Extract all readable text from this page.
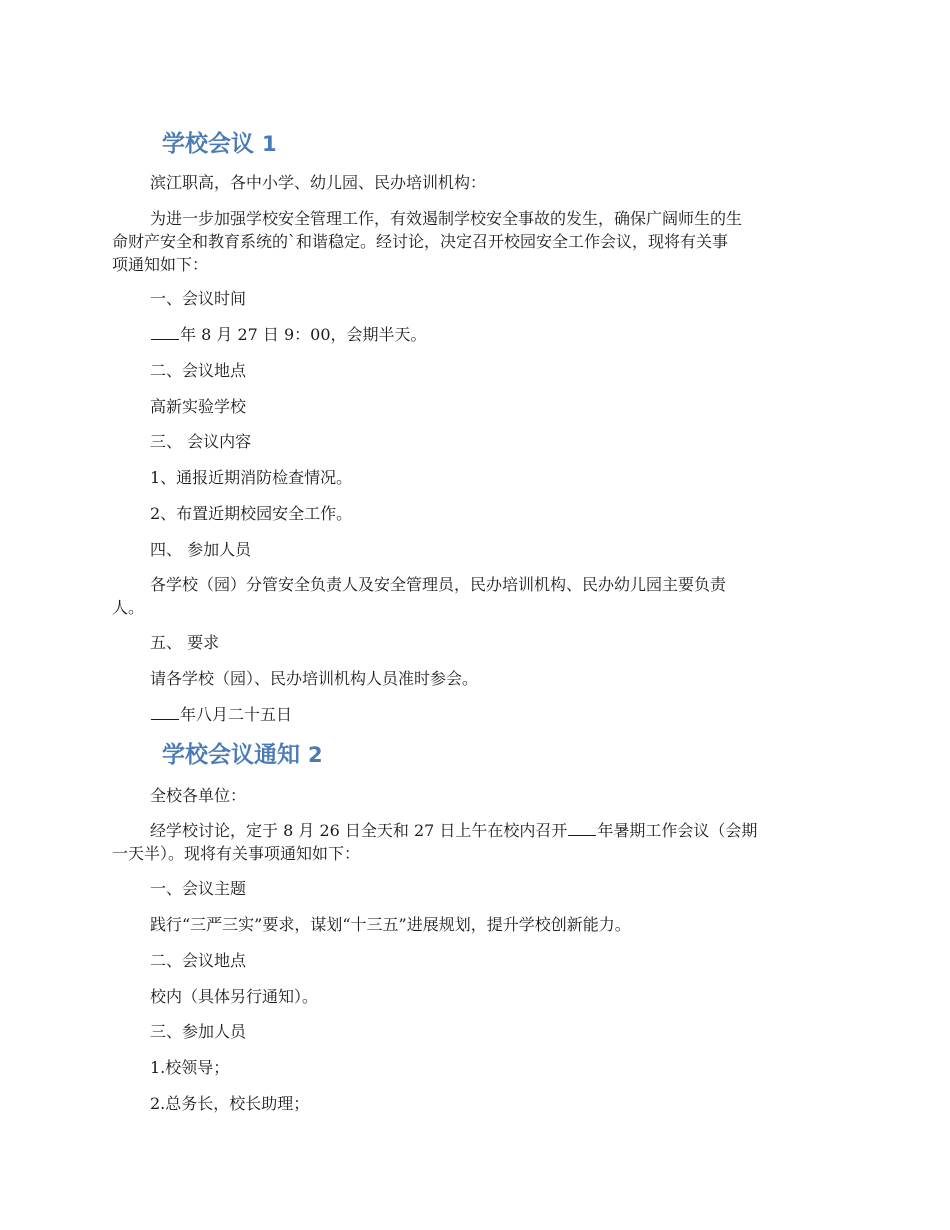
学校会议 1
滨江职高，各中小学、幼儿园、民办培训机构：
为进一步加强学校安全管理工作，有效遏制学校安全事故的发生，确保广阔师生的生
命财产安全和教育系统的`和谐稳定。经讨论，决定召开校园安全工作会议，现将有关事
项通知如下：
一、会议时间
年 8 月 27 日 9：00，会期半天。
二、会议地点
高新实验学校
三、 会议内容
1、通报近期消防检查情况。
2、布置近期校园安全工作。
四、 参加人员
各学校（园）分管安全负责人及安全管理员，民办培训机构、民办幼儿园主要负责
人。
五、 要求
请各学校（园）、民办培训机构人员准时参会。
年八月二十五日
学校会议通知 2
全校各单位：
经学校讨论，定于 8 月 26 日全天和 27 日上午在校内召开 年暑期工作会议（会期
一天半）。现将有关事项通知如下：
一、会议主题
践行“三严三实”要求，谋划“十三五”进展规划，提升学校创新能力。
二、会议地点
校内（具体另行通知）。
三、参加人员
1.校领导；
2.总务长，校长助理；
